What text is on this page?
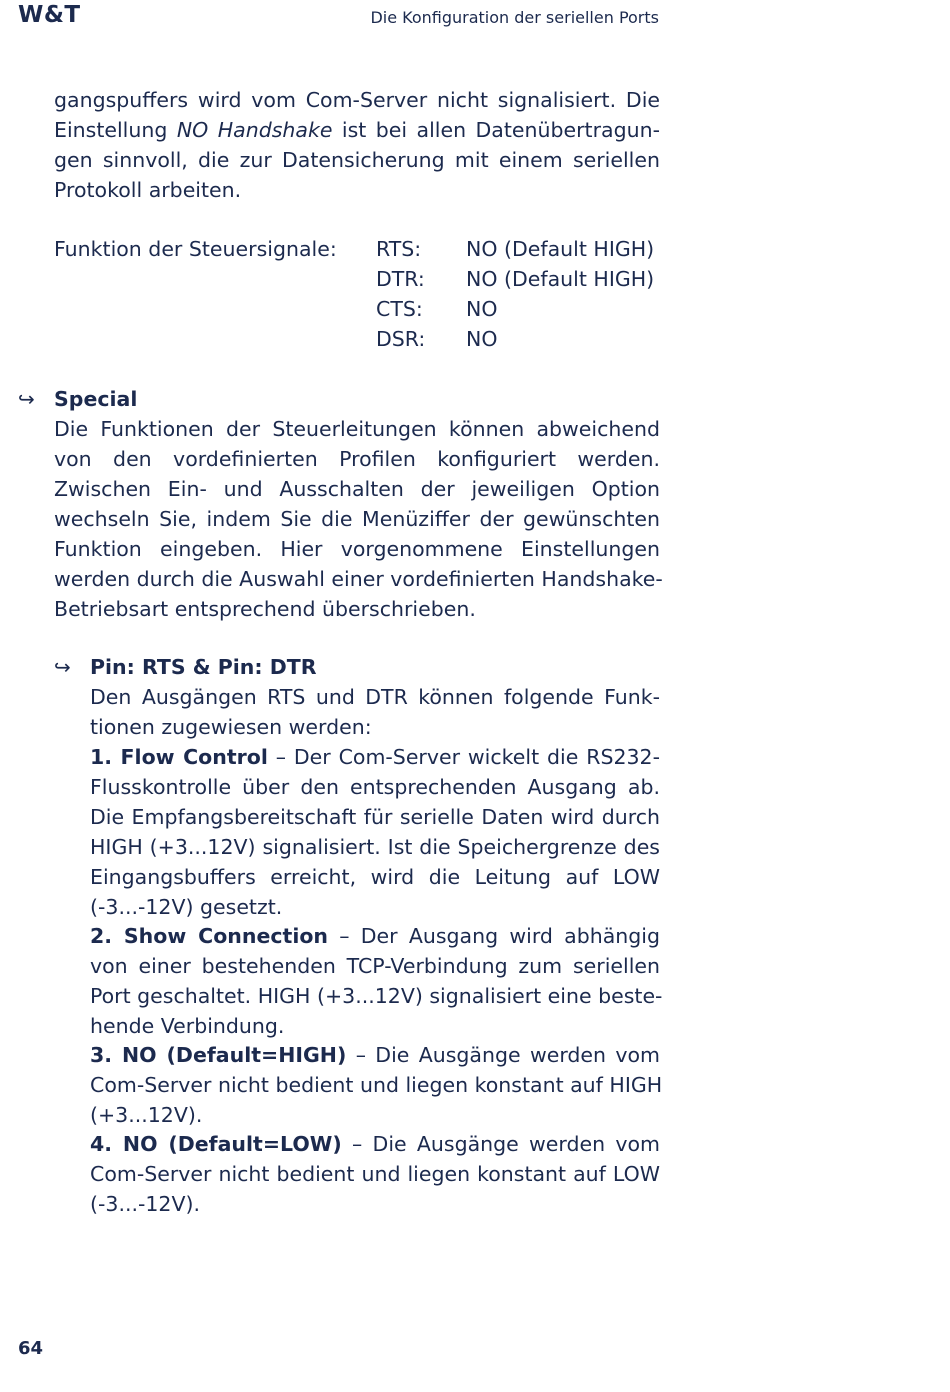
W&T	Die Konfiguration der seriellen Ports
gangspuffers wird vom Com-Server nicht signalisiert. Die
Einstellung NO Handshake ist bei allen Datenübertragun-
gen sinnvoll, die zur Datensicherung mit einem seriellen
Protokoll arbeiten.
Funktion der Steuersignale: RTS: NO (Default HIGH)
DTR: NO (Default HIGH)
CTS: NO
DSR: NO
↪ Special
Die Funktionen der Steuerleitungen können abweichend
von den vordefinierten Profilen konfiguriert werden.
Zwischen Ein- und Ausschalten der jeweiligen Option
wechseln Sie, indem Sie die Menüziffer der gewünschten
Funktion eingeben. Hier vorgenommene Einstellungen
werden durch die Auswahl einer vordefinierten Handshake-
Betriebsart entsprechend überschrieben.
↪ Pin: RTS & Pin: DTR
Den Ausgängen RTS und DTR können folgende Funk-
tionen zugewiesen werden:
1. Flow Control – Der Com-Server wickelt die RS232-
Flusskontrolle über den entsprechenden Ausgang ab.
Die Empfangsbereitschaft für serielle Daten wird durch
HIGH (+3...12V) signalisiert. Ist die Speichergrenze des
Eingangsbuffers erreicht, wird die Leitung auf LOW
(-3...-12V) gesetzt.
2. Show Connection – Der Ausgang wird abhängig
von einer bestehenden TCP-Verbindung zum seriellen
Port geschaltet. HIGH (+3...12V) signalisiert eine beste-
hende Verbindung.
3. NO (Default=HIGH) – Die Ausgänge werden vom
Com-Server nicht bedient und liegen konstant auf HIGH
(+3...12V).
4. NO (Default=LOW) – Die Ausgänge werden vom
Com-Server nicht bedient und liegen konstant auf LOW
(-3...-12V).
64
